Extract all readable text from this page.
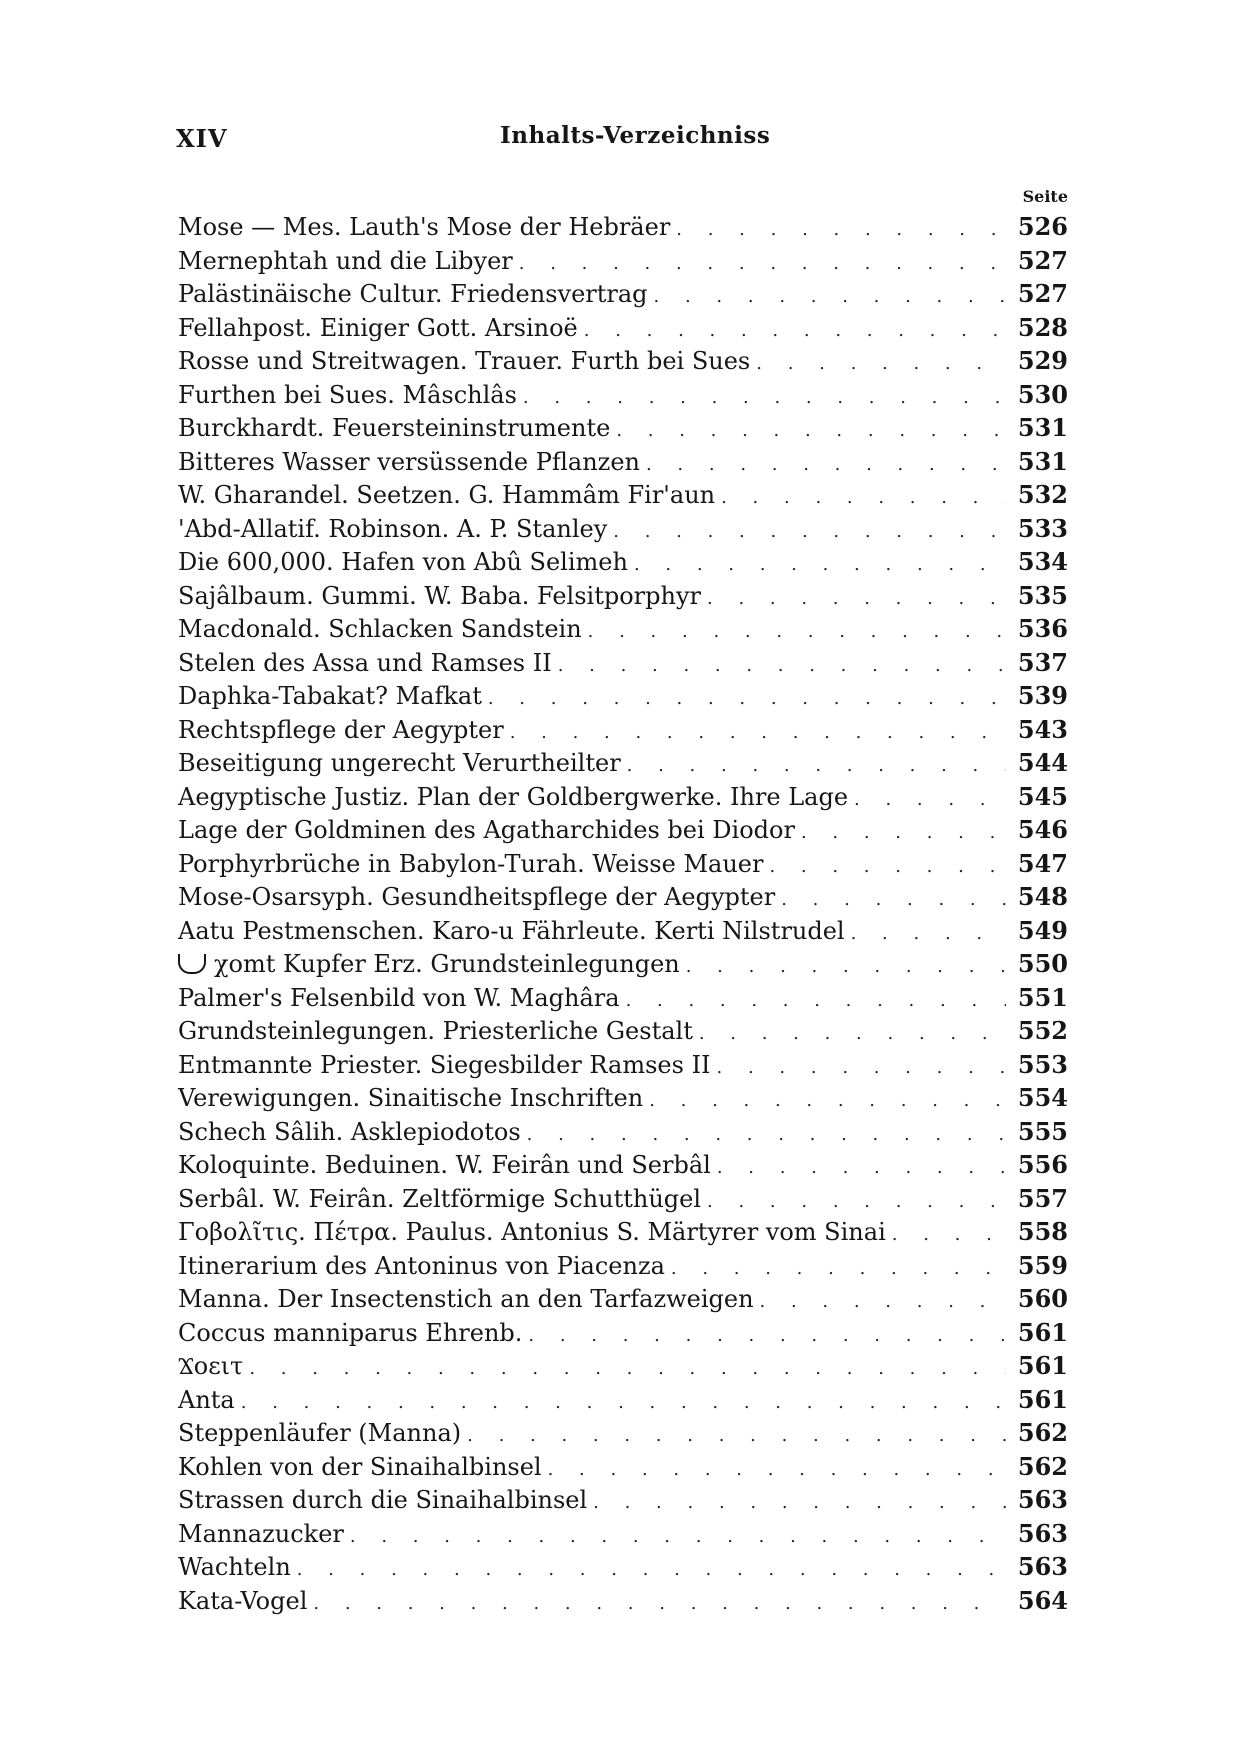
XIV	Inhalts-Verzeichniss
Seite
Mose — Mes. Lauth's Mose der Hebräer . . .	526
Mernephtah und die Libyer . . .	527
Palästinäische Cultur. Friedensvertrag . . .	527
Fellahpost. Einiger Gott. Arsinoë . . .	528
Rosse und Streitwagen. Trauer. Furth bei Sues . . .	529
Furthen bei Sues. Mâschlâs . . .	530
Burckhardt. Feuersteininstrumente . . .	531
Bitteres Wasser versüssende Pflanzen . . .	531
W. Gharandel. Seetzen. G. Hammâm Fir'aun . . .	532
'Abd-Allatif. Robinson. A. P. Stanley . . .	533
Die 600,000. Hafen von Abû Selimeh . . .	534
Sajâlbaum. Gummi. W. Baba. Felsitporphyr . . .	535
Macdonald. Schlacken Sandstein . . .	536
Stelen des Assa und Ramses II . . .	537
Daphka-Tabakat? Mafkat . . .	539
Rechtspflege der Aegypter . . .	543
Beseitigung ungerecht Verurtheilter . . .	544
Aegyptische Justiz. Plan der Goldbergwerke. Ihre Lage . . .	545
Lage der Goldminen des Agatharchides bei Diodor . . .	546
Porphyrbrüche in Babylon-Turah. Weisse Mauer . . .	547
Mose-Osarsyph. Gesundheitspflege der Aegypter . . .	548
Aatu Pestmenschen. Karo-u Fährleute. Kerti Nilstrudel . . .	549
χomt Kupfer Erz. Grundsteinlegungen . . .	550
Palmer's Felsenbild von W. Maghâra . . .	551
Grundsteinlegungen. Priesterliche Gestalt . . .	552
Entmannte Priester. Siegesbilder Ramses II . . .	553
Verewigungen. Sinaitische Inschriften . . .	554
Schech Sâlih. Asklepiodotos . . .	555
Koloquinte. Beduinen. W. Feirân und Serbâl . . .	556
Serbâl. W. Feirân. Zeltförmige Schutthügel . . .	557
Γοβολῖτις. Πέτρα. Paulus. Antonius S. Märtyrer vom Sinai . . .	558
Itinerarium des Antoninus von Piacenza . . .	559
Manna. Der Insectenstich an den Tarfazweigen . . .	560
Coccus manniparus Ehrenb. . . .	561
Ϫοειτ . . .	561
Anta . . .	561
Steppenläufer (Manna) . . .	562
Kohlen von der Sinaihalbinsel . . .	562
Strassen durch die Sinaihalbinsel . . .	563
Mannazucker . . .	563
Wachteln . . .	563
Kata-Vogel . . .	564
